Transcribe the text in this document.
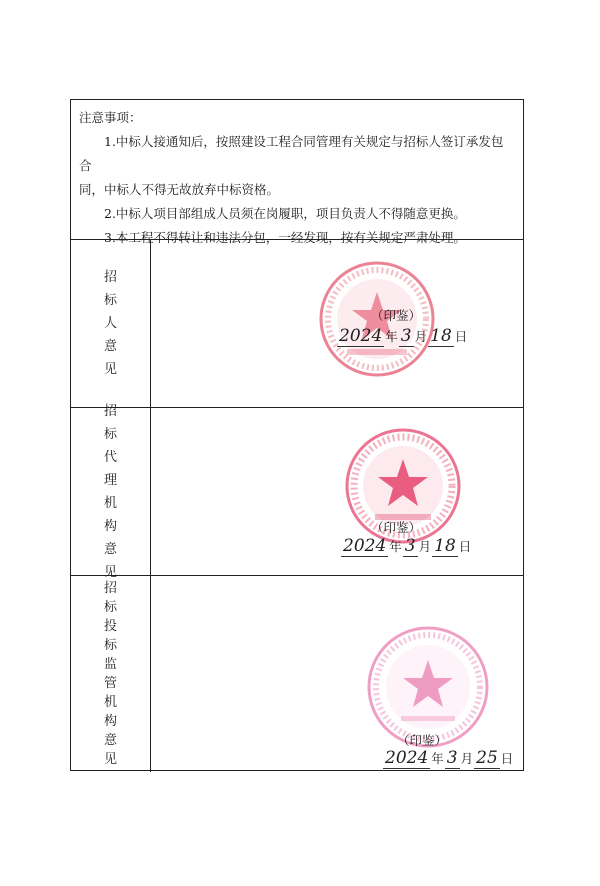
注意事项：
1.中标人接通知后，按照建设工程合同管理有关规定与招标人签订承发包合
同，中标人不得无故放弃中标资格。
2.中标人项目部组成人员须在岗履职，项目负责人不得随意更换。
3.本工程不得转让和违法分包，一经发现，按有关规定严肃处理。
招
标
人
意
见
（印鉴）
2024 年 3 月 18 日
招
标
代
理
机
构
意
见
（印鉴）
2024 年 3 月 18 日
招
标
投
标
监
管
机
构
意
见
（印鉴）
2024 年 3 月 25 日
